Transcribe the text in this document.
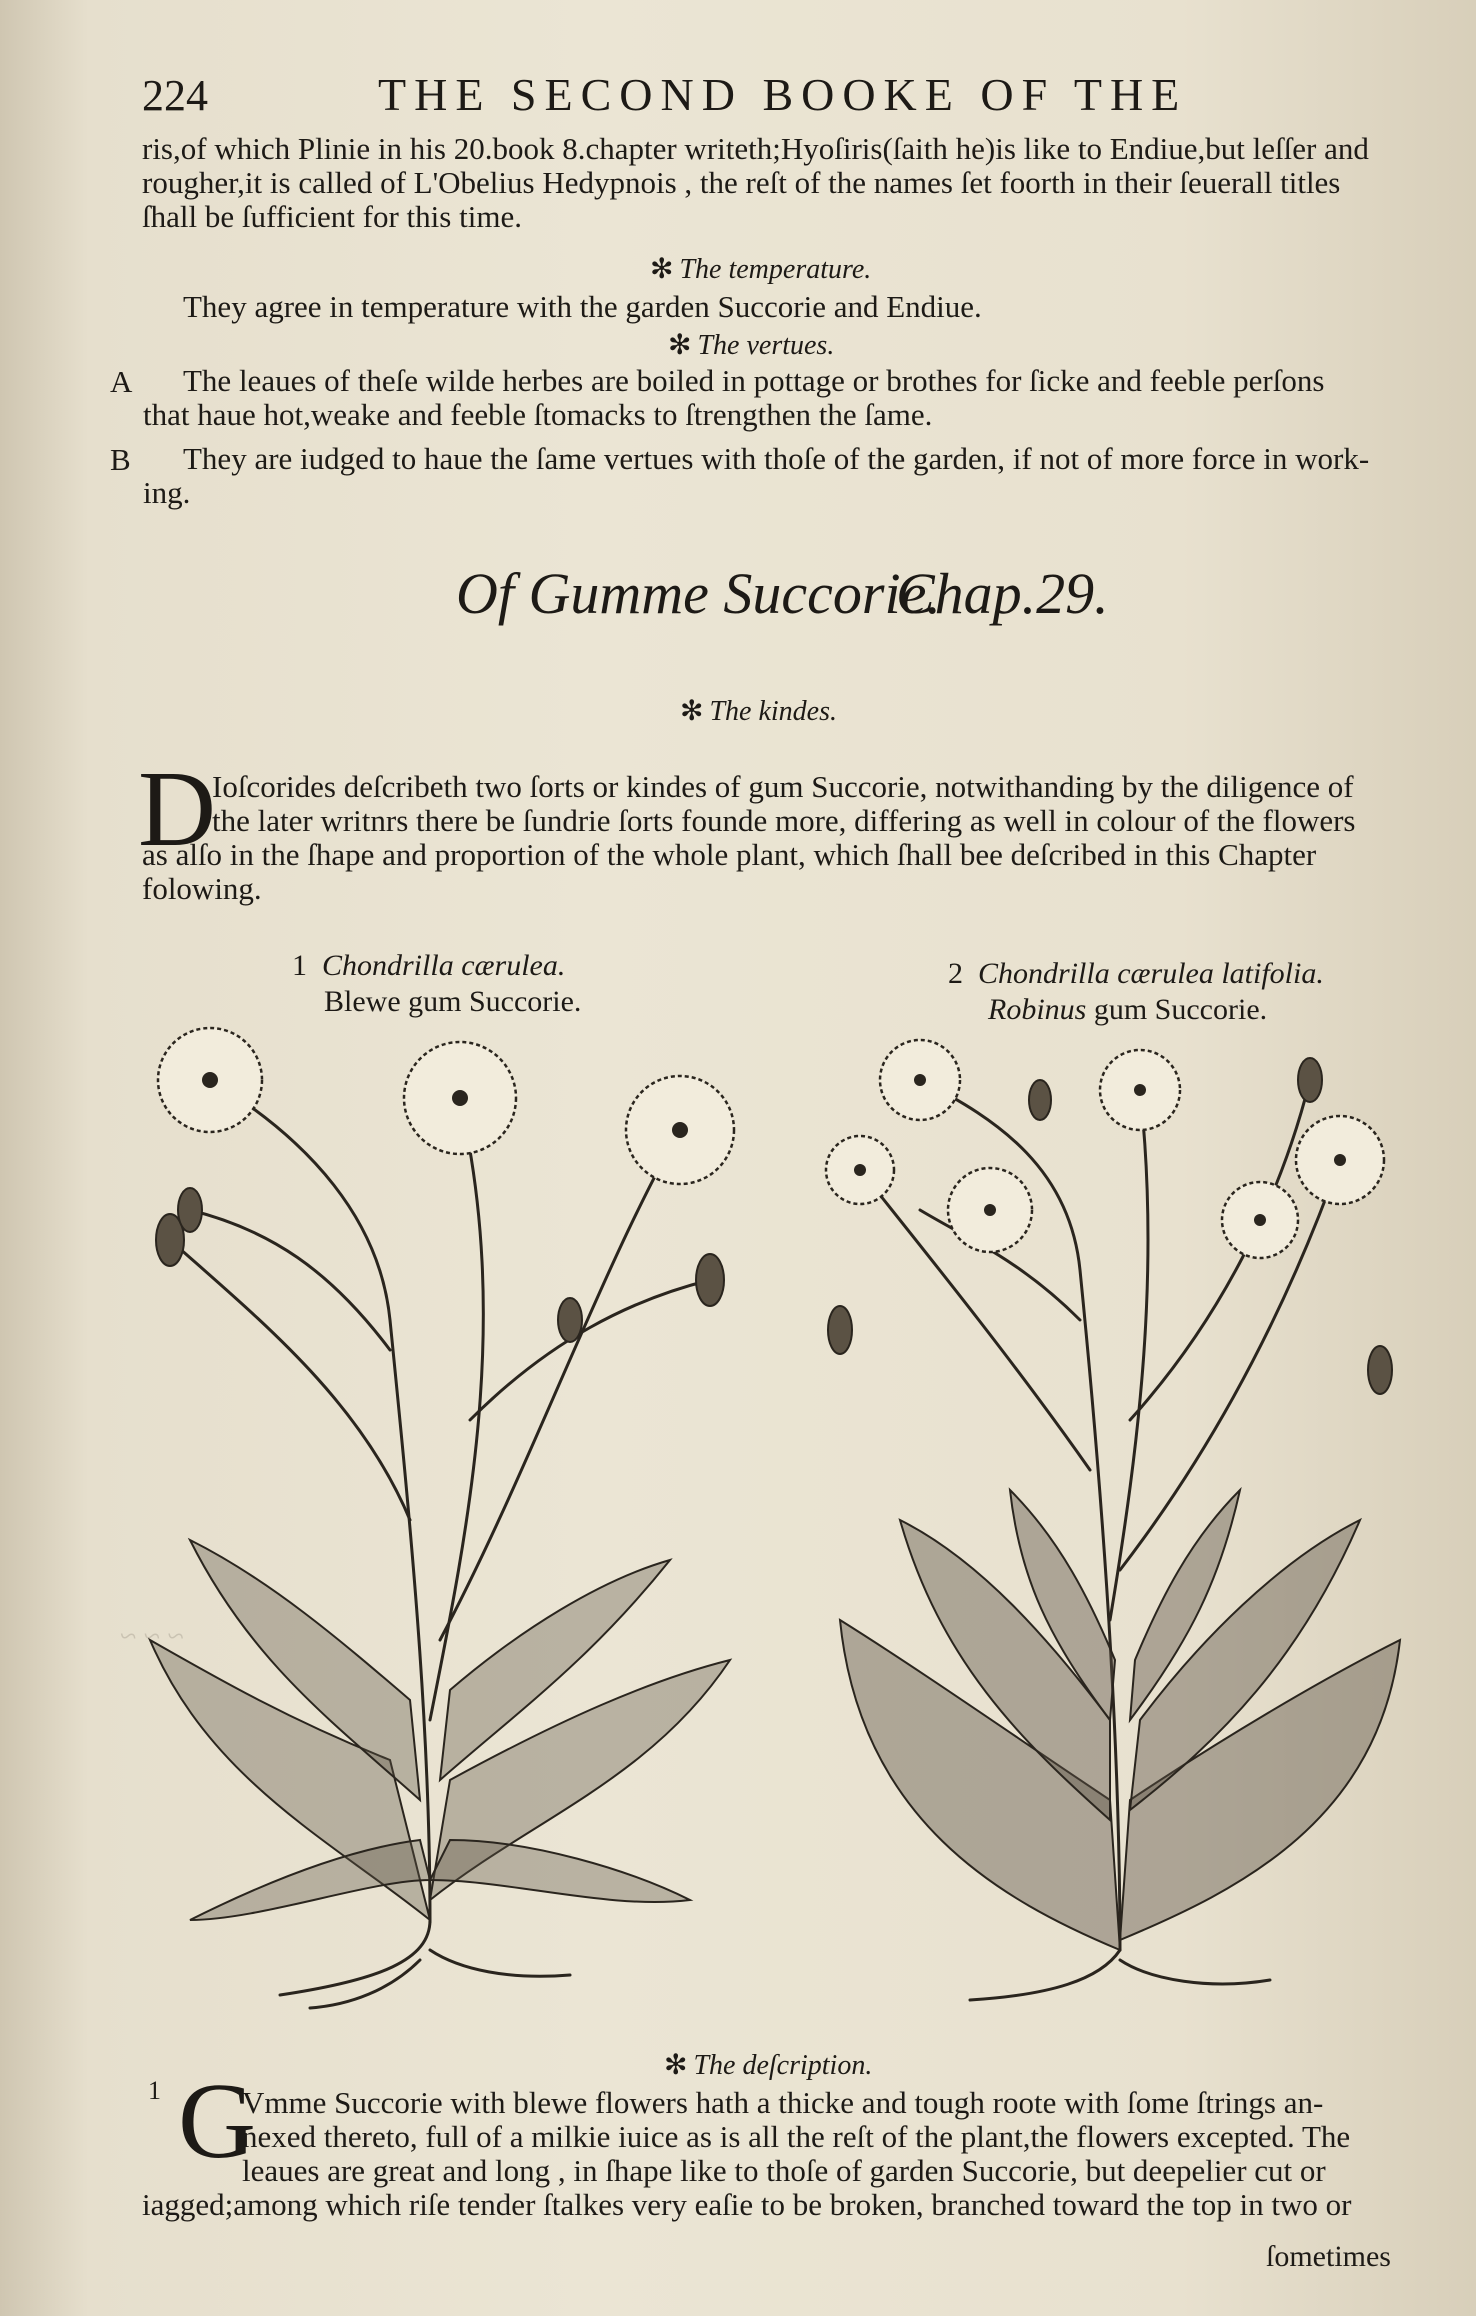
~ ~ ~
224	THE SECOND BOOKE OF THE
ris,of which Plinie in his 20.book 8.chapter writeth;Hyoſiris(ſaith he)is like to Endiue,but leſſer and
rougher,it is called of L'Obelius Hedypnois , the reſt of the names ſet foorth in their ſeuerall titles
ſhall be ſufficient for this time.
✻ The temperature.
They agree in temperature with the garden Succorie and Endiue.
✻ The vertues.
A The leaues of theſe wilde herbes are boiled in pottage or brothes for ſicke and feeble perſons
that haue hot,weake and feeble ſtomacks to ſtrengthen the ſame.
B They are iudged to haue the ſame vertues with thoſe of the garden, if not of more force in work-
ing.
Of Gumme Succorie.
Chap.29.
✻ The kindes.
D
Ioſcorides deſcribeth two ſorts or kindes of gum Succorie, notwithanding by the diligence of
the later writnrs there be ſundrie ſorts founde more, differing as well in colour of the flowers
as alſo in the ſhape and proportion of the whole plant, which ſhall bee deſcribed in this Chapter
folowing.
1 Chondrilla cærulea.
Blewe gum Succorie.
2 Chondrilla cærulea latifolia.
Robinus gum Succorie.
✻ The deſcription.
1 G
Vmme Succorie with blewe flowers hath a thicke and tough roote with ſome ſtrings an-
nexed thereto, full of a milkie iuice as is all the reſt of the plant,the flowers excepted. The
leaues are great and long , in ſhape like to thoſe of garden Succorie, but deepelier cut or
iagged;among which riſe tender ſtalkes very eaſie to be broken, branched toward the top in two or
ſometimes
